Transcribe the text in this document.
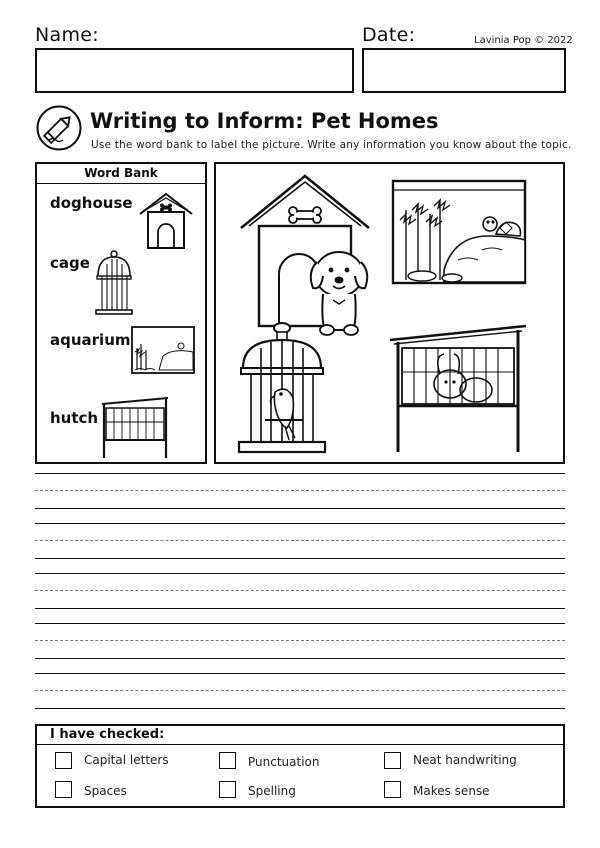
Name:	Date:	Lavinia Pop © 2022
Writing to Inform: Pet Homes
Use the word bank to label the picture. Write any information you know about the topic.
Word Bank
doghouse
cage
aquarium
hutch
I have checked:
Capital letters	Punctuation	Neat handwriting
Spaces	Spelling	Makes sense
